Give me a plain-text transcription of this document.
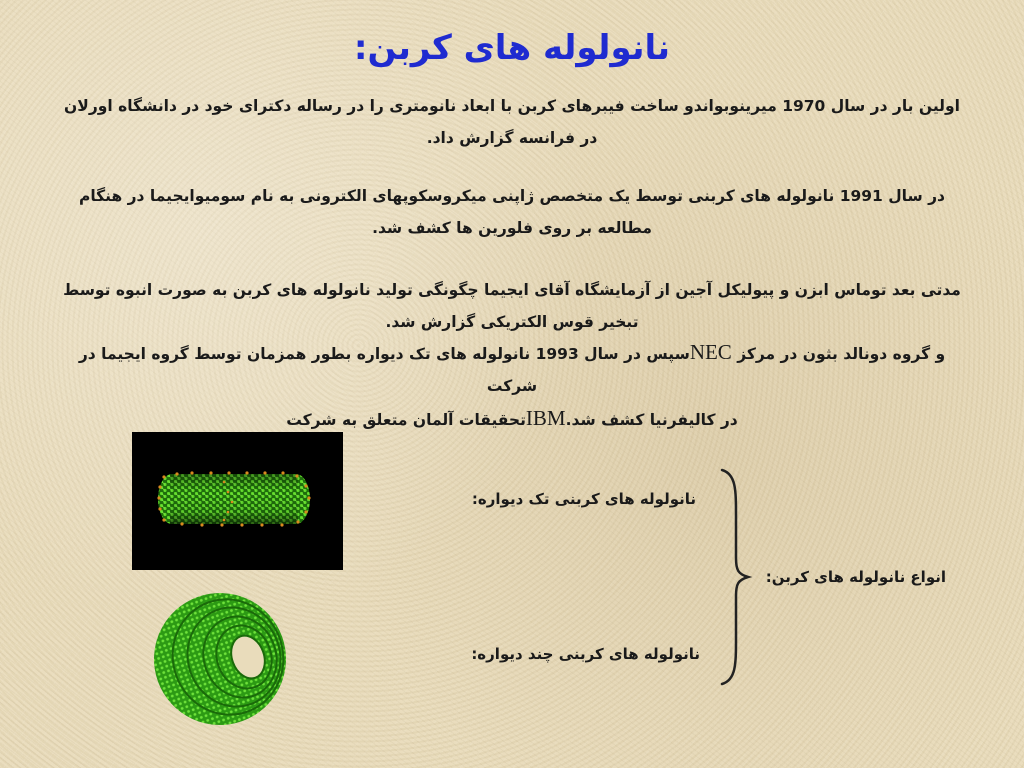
نانولوله های کربن:
اولین بار در سال 1970 میرینوبواندو ساخت فیبرهای کربن با ابعاد نانومتری را در رساله دکترای خود در دانشگاه اورلان در فرانسه گزارش داد.
در سال 1991 نانولوله های کربنی توسط یک متخصص ژاپنی میکروسکوپهای الکترونی به نام سومیوایجیما در هنگام مطالعه بر روی فلورین ها کشف شد.
مدتی بعد توماس ابزن و پیولیکل آجین از آزمایشگاه آقای ایجیما چگونگی تولید نانولوله های کربن به صورت انبوه توسط تبخیر قوس الکتریکی گزارش شد.
و گروه دونالد بثون در مرکز NECسپس در سال 1993 نانولوله های تک دیواره بطور همزمان توسط گروه ایجیما در شرکت
در کالیفرنیا کشف شد.IBMتحقیقات آلمان متعلق به شرکت
نانولوله های کربنی تک دیواره:
نانولوله های کربنی چند دیواره:
انواع نانولوله های کربن:
